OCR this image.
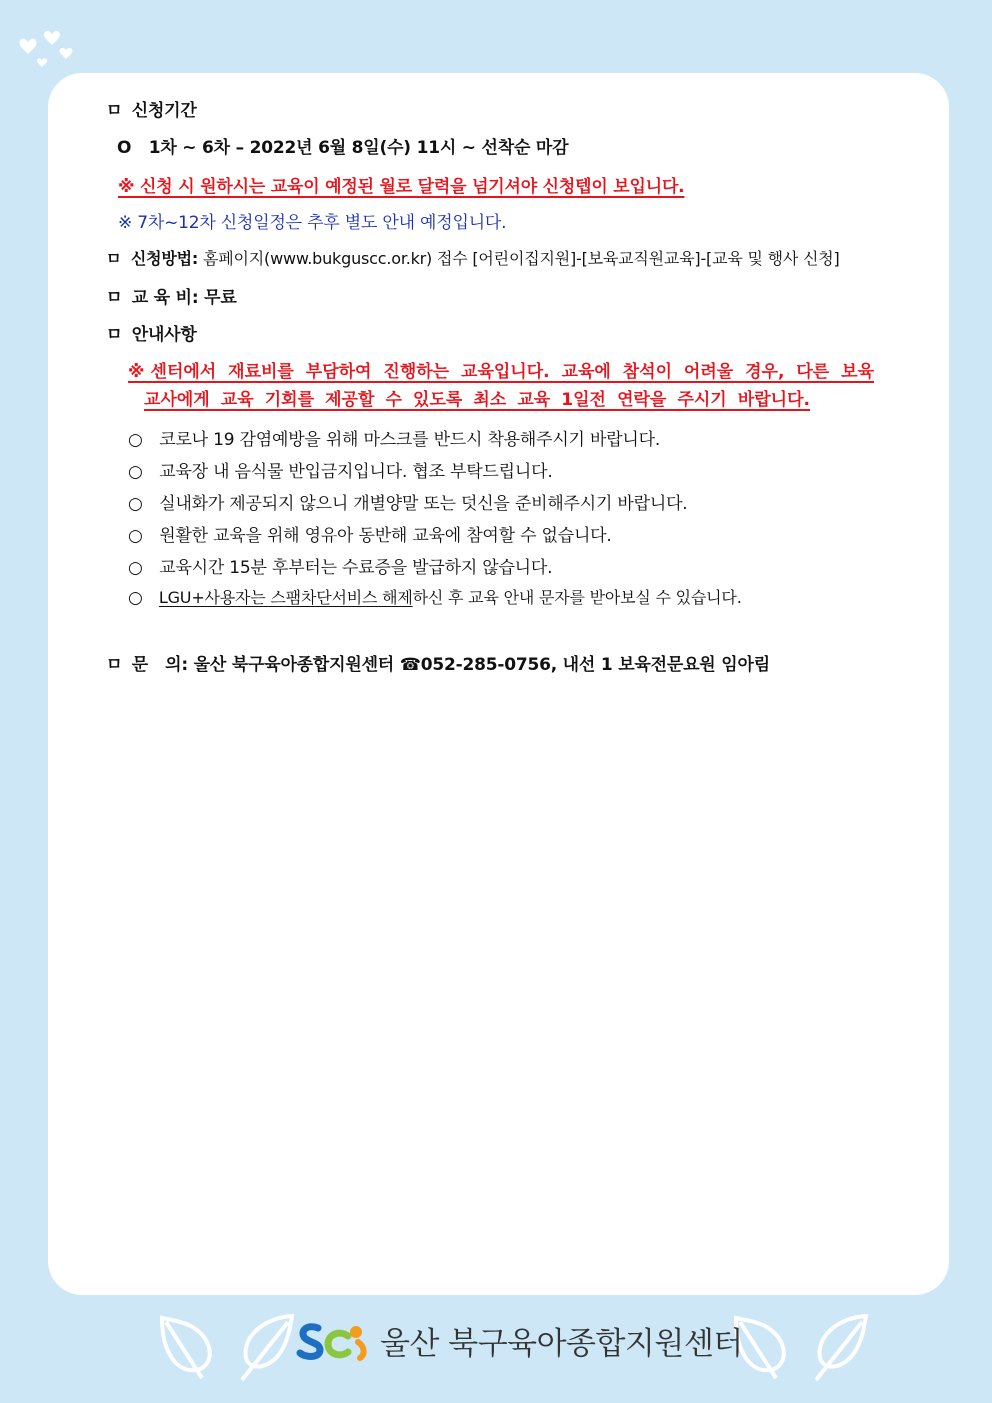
ㅁ 신청기간
O 1차 ~ 6차 – 2022년 6월 8일(수) 11시 ~ 선착순 마감
※ 신청 시 원하시는 교육이 예정된 월로 달력을 넘기셔야 신청텝이 보입니다.
※ 7차~12차 신청일정은 추후 별도 안내 예정입니다.
ㅁ 신청방법: 홈페이지(www.bukguscc.or.kr) 접수 [어린이집지원]-[보육교직원교육]-[교육 및 행사 신청]
ㅁ 교 육 비: 무료
ㅁ 안내사항
※센터에서 재료비를 부담하여 진행하는 교육입니다. 교육에 참석이 어려울 경우, 다른 보육
교사에게 교육 기회를 제공할 수 있도록 최소 교육 1일전 연락을 주시기 바랍니다.
○ 코로나 19 감염예방을 위해 마스크를 반드시 착용해주시기 바랍니다.
○ 교육장 내 음식물 반입금지입니다. 협조 부탁드립니다.
○ 실내화가 제공되지 않으니 개별양말 또는 덧신을 준비해주시기 바랍니다.
○ 원활한 교육을 위해 영유아 동반해 교육에 참여할 수 없습니다.
○ 교육시간 15분 후부터는 수료증을 발급하지 않습니다.
○ LGU+사용자는 스팸차단서비스 해제하신 후 교육 안내 문자를 받아보실 수 있습니다.
ㅁ 문   의: 울산 북구육아종합지원센터 ☎052-285-0756, 내선 1 보육전문요원 임아림
울산 북구육아종합지원센터
